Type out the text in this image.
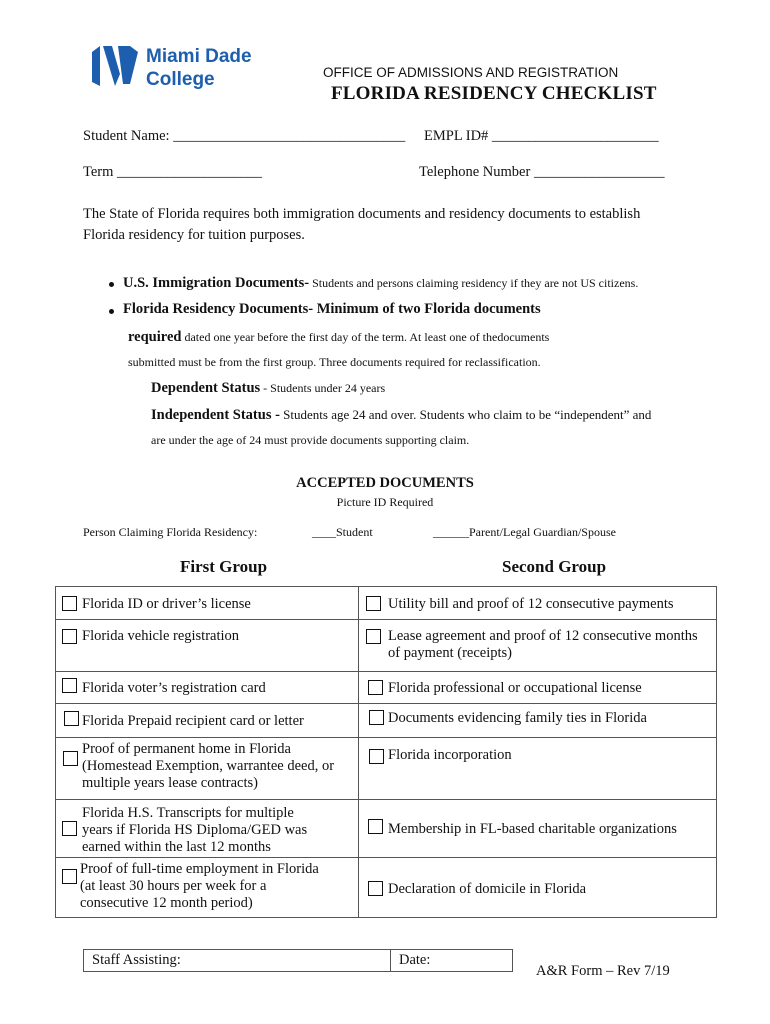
Miami Dade
College	OFFICE OF ADMISSIONS AND REGISTRATION
FLORIDA RESIDENCY CHECKLIST
Student Name: ________________________________ EMPL ID# _______________________
Term ____________________	Telephone Number __________________
The State of Florida requires both immigration documents and residency documents to establish
Florida residency for tuition purposes.
U.S. Immigration Documents- Students and persons claiming residency if they are not US citizens.
Florida Residency Documents- Minimum of two Florida documents
required dated one year before the first day of the term. At least one of thedocuments
submitted must be from the first group. Three documents required for reclassification.
Dependent Status - Students under 24 years
Independent Status - Students age 24 and over. Students who claim to be “independent” and
are under the age of 24 must provide documents supporting claim.
ACCEPTED DOCUMENTS
Picture ID Required
Person Claiming Florida Residency:	____Student	______Parent/Legal Guardian/Spouse
First Group	Second Group
Florida ID or driver’s license	Utility bill and proof of 12 consecutive payments

Florida vehicle registration	Lease agreement and proof of 12 consecutive months
of payment (receipts)

Florida voter’s registration card	Florida professional or occupational license

Florida Prepaid recipient card or letter	Documents evidencing family ties in Florida

Proof of permanent home in Florida
(Homestead Exemption, warrantee deed, or
multiple years lease contracts)	Florida incorporation

Florida H.S. Transcripts for multiple
years if Florida HS Diploma/GED was
earned within the last 12 months	Membership in FL-based charitable organizations

Proof of full-time employment in Florida
(at least 30 hours per week for a
consecutive 12 month period)	Declaration of domicile in Florida
Staff Assisting:	Date:
A&R Form – Rev 7/19
